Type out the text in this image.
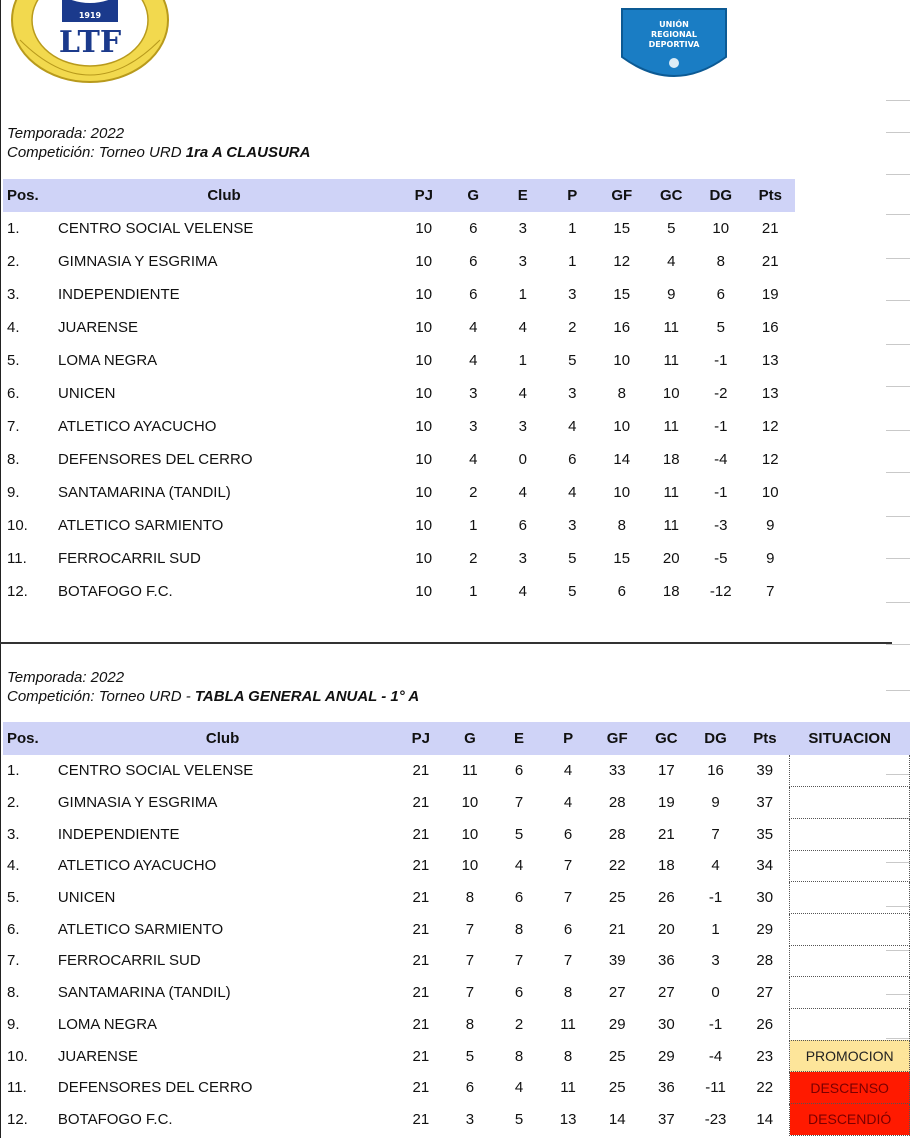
1919
LTF
UNIÓN
REGIONAL
DEPORTIVA
Temporada: 2022
Competición: Torneo URD 1ra A CLAUSURA
Pos.	Club	PJ	G	E	P	GF	GC	DG	Pts
1.	CENTRO SOCIAL VELENSE	10	6	3	1	15	5	10	21
2.	GIMNASIA Y ESGRIMA	10	6	3	1	12	4	8	21
3.	INDEPENDIENTE	10	6	1	3	15	9	6	19
4.	JUARENSE	10	4	4	2	16	11	5	16
5.	LOMA NEGRA	10	4	1	5	10	11	-1	13
6.	UNICEN	10	3	4	3	8	10	-2	13
7.	ATLETICO AYACUCHO	10	3	3	4	10	11	-1	12
8.	DEFENSORES DEL CERRO	10	4	0	6	14	18	-4	12
9.	SANTAMARINA (TANDIL)	10	2	4	4	10	11	-1	10
10.	ATLETICO SARMIENTO	10	1	6	3	8	11	-3	9
11.	FERROCARRIL SUD	10	2	3	5	15	20	-5	9
12.	BOTAFOGO F.C.	10	1	4	5	6	18	-12	7
Temporada: 2022
Competición: Torneo URD - TABLA GENERAL ANUAL - 1° A
Pos.	Club	PJ	G	E	P	GF	GC	DG	Pts	SITUACION
1.	CENTRO SOCIAL VELENSE	21	11	6	4	33	17	16	39	
2.	GIMNASIA Y ESGRIMA	21	10	7	4	28	19	9	37	
3.	INDEPENDIENTE	21	10	5	6	28	21	7	35	
4.	ATLETICO AYACUCHO	21	10	4	7	22	18	4	34	
5.	UNICEN	21	8	6	7	25	26	-1	30	
6.	ATLETICO SARMIENTO	21	7	8	6	21	20	1	29	
7.	FERROCARRIL SUD	21	7	7	7	39	36	3	28	
8.	SANTAMARINA (TANDIL)	21	7	6	8	27	27	0	27	
9.	LOMA NEGRA	21	8	2	11	29	30	-1	26	
10.	JUARENSE	21	5	8	8	25	29	-4	23	PROMOCION
11.	DEFENSORES DEL CERRO	21	6	4	11	25	36	-11	22	DESCENSO
12.	BOTAFOGO F.C.	21	3	5	13	14	37	-23	14	DESCENDIÓ
